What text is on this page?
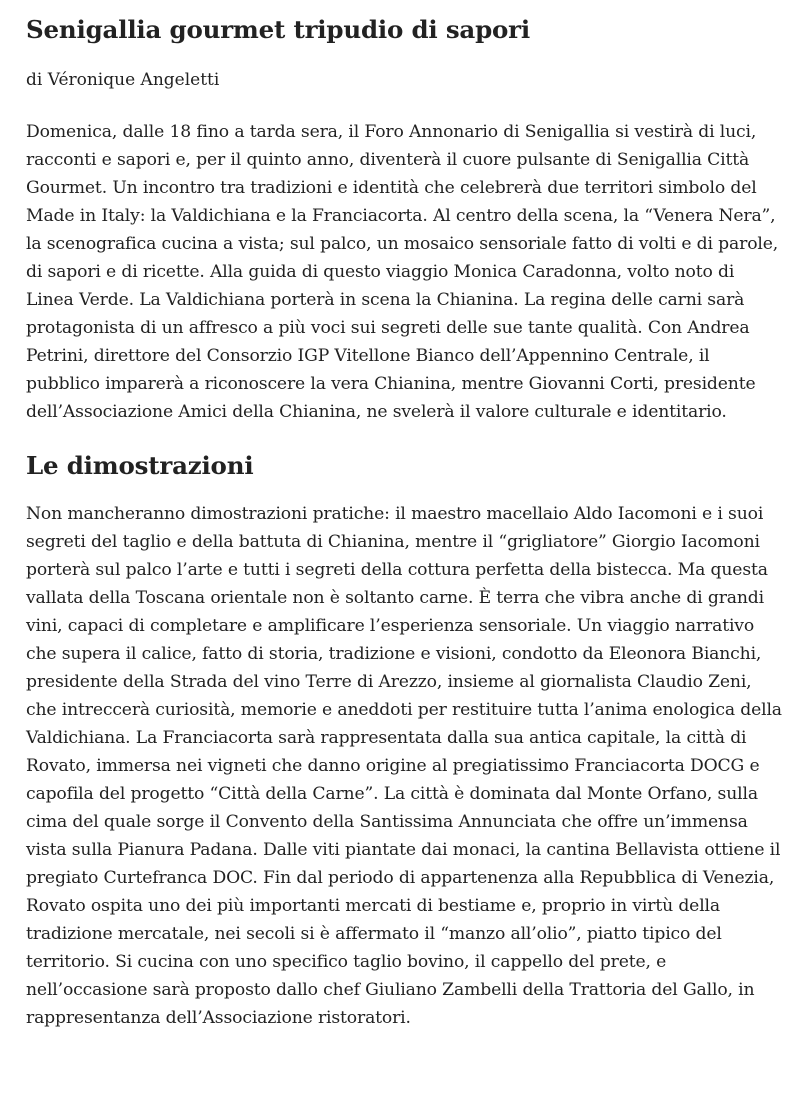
Senigallia gourmet tripudio di sapori
di Véronique Angeletti

Domenica, dalle 18 fino a tarda sera, il Foro Annonario di Senigallia si vestirà di luci, racconti e sapori e, per il quinto anno, diventerà il cuore pulsante di Senigallia Città Gourmet. Un incontro tra tradizioni e identità che celebrerà due territori simbolo del Made in Italy: la Valdichiana e la Franciacorta. Al centro della scena, la “Venera Nera”, la scenografica cucina a vista; sul palco, un mosaico sensoriale fatto di volti e di parole, di sapori e di ricette. Alla guida di questo viaggio Monica Caradonna, volto noto di Linea Verde. La Valdichiana porterà in scena la Chianina. La regina delle carni sarà protagonista di un affresco a più voci sui segreti delle sue tante qualità. Con Andrea Petrini, direttore del Consorzio IGP Vitellone Bianco dell’Appennino Centrale, il pubblico imparerà a riconoscere la vera Chianina, mentre Giovanni Corti, presidente dell’Associazione Amici della Chianina, ne svelerà il valore culturale e identitario.

Le dimostrazioni

Non mancheranno dimostrazioni pratiche: il maestro macellaio Aldo Iacomoni e i suoi segreti del taglio e della battuta di Chianina, mentre il “grigliatore” Giorgio Iacomoni porterà sul palco l’arte e tutti i segreti della cottura perfetta della bistecca. Ma questa vallata della Toscana orientale non è soltanto carne. È terra che vibra anche di grandi vini, capaci di completare e amplificare l’esperienza sensoriale. Un viaggio narrativo che supera il calice, fatto di storia, tradizione e visioni, condotto da Eleonora Bianchi, presidente della Strada del vino Terre di Arezzo, insieme al giornalista Claudio Zeni, che intreccerà curiosità, memorie e aneddoti per restituire tutta l’anima enologica della Valdichiana. La Franciacorta sarà rappresentata dalla sua antica capitale, la città di Rovato, immersa nei vigneti che danno origine al pregiatissimo Franciacorta DOCG e capofila del progetto “Città della Carne”. La città è dominata dal Monte Orfano, sulla cima del quale sorge il Convento della Santissima Annunciata che offre un’immensa vista sulla Pianura Padana. Dalle viti piantate dai monaci, la cantina Bellavista ottiene il pregiato Curtefranca DOC. Fin dal periodo di appartenenza alla Repubblica di Venezia, Rovato ospita uno dei più importanti mercati di bestiame e, proprio in virtù della tradizione mercatale, nei secoli si è affermato il “manzo all’olio”, piatto tipico del territorio. Si cucina con uno specifico taglio bovino, il cappello del prete, e nell’occasione sarà proposto dallo chef Giuliano Zambelli della Trattoria del Gallo, in rappresentanza dell’Associazione ristoratori.
